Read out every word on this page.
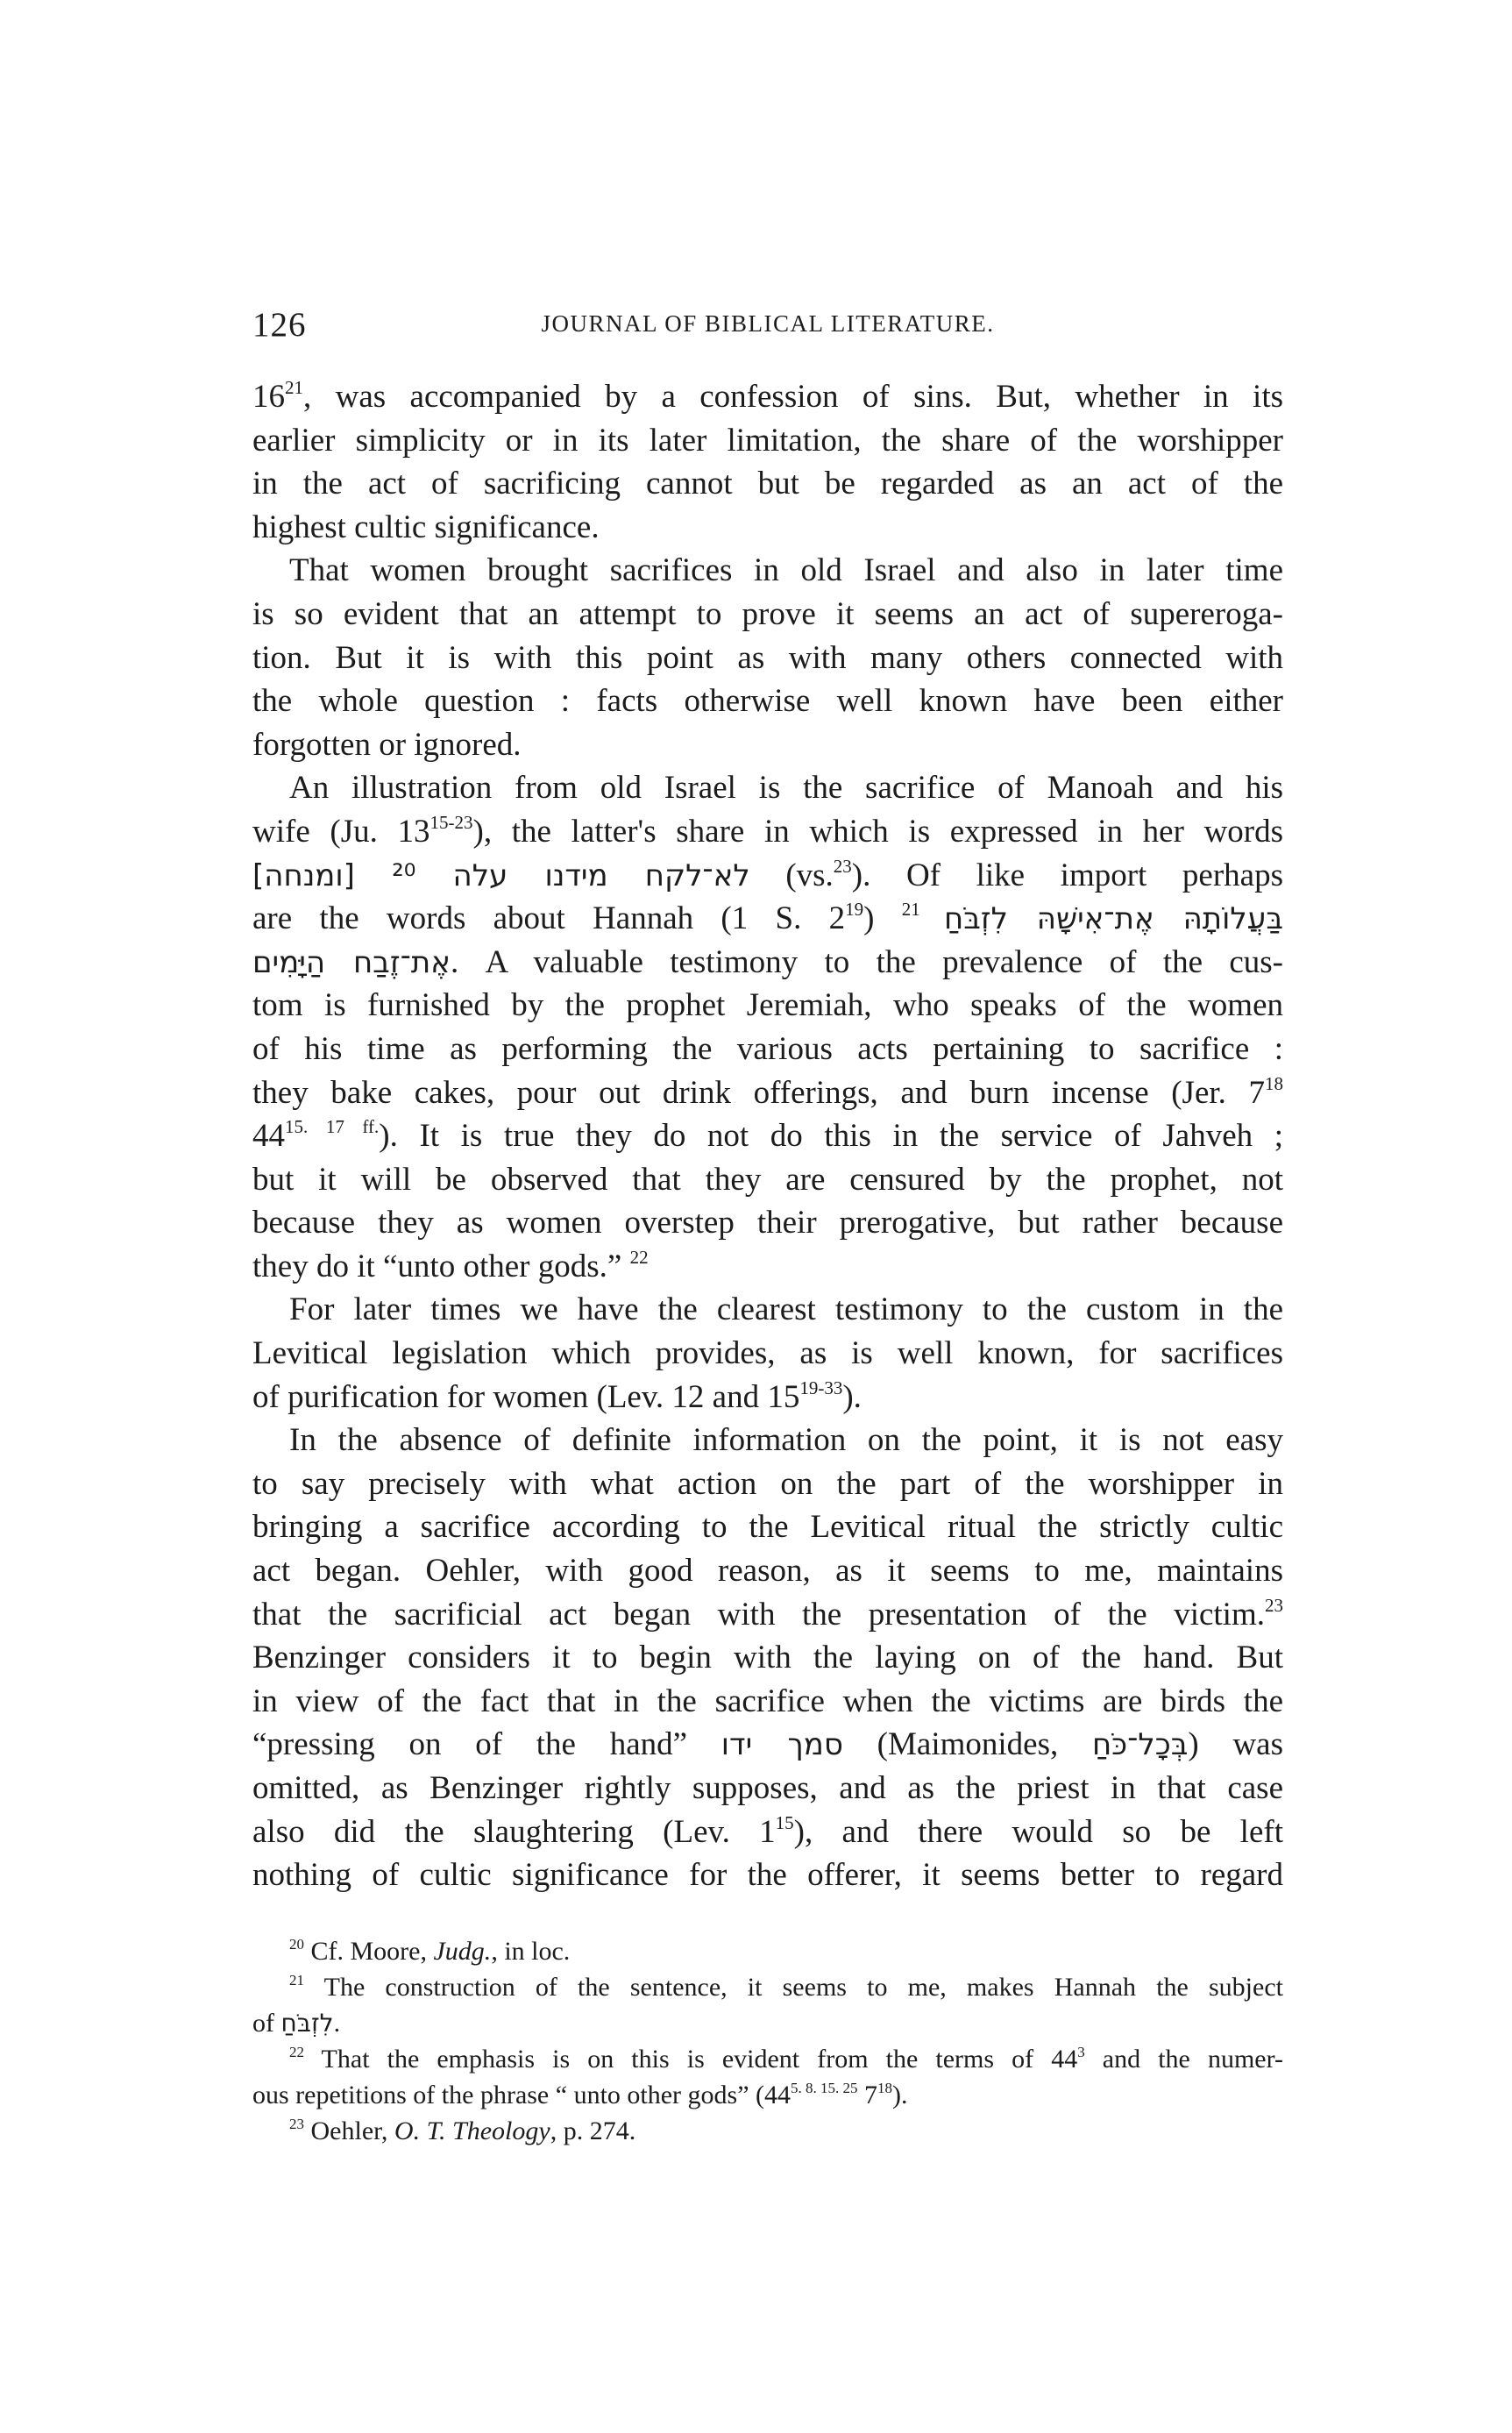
126	JOURNAL OF BIBLICAL LITERATURE.
$16^{21}$, was accompanied by a confession of sins. But, whether in its
earlier simplicity or in its later limitation, the share of the worshipper
in the act of sacrificing cannot but be regarded as an act of the
highest cultic significance.
That women brought sacrifices in old Israel and also in later time
is so evident that an attempt to prove it seems an act of supereroga-
tion. But it is with this point as with many others connected with
the whole question : facts otherwise well known have been either
forgotten or ignored.
An illustration from old Israel is the sacrifice of Manoah and his
wife (Ju. 13$^{15-23}$), the latter's share in which is expressed in her words
לא־לקח מידנו עלה ²⁰ [ומנחה] (vs.$^{23}$). Of like import perhaps
are the words about Hannah (1 S. $2^{19}$) בַּעֲלוֹתָהּ אֶת־אִישָׁהּ לִזְבֹּחַ $^{21}$
אֶת־זֶבַח הַיָּמִים. A valuable testimony to the prevalence of the cus-
tom is furnished by the prophet Jeremiah, who speaks of the women
of his time as performing the various acts pertaining to sacrifice :
they bake cakes, pour out drink offerings, and burn incense (Jer. $7^{18}$
$44^{15. 17 ff.}$). It is true they do not do this in the service of Jahveh ;
but it will be observed that they are censured by the prophet, not
because they as women overstep their prerogative, but rather because
they do it “unto other gods.” $^{22}$
For later times we have the clearest testimony to the custom in the
Levitical legislation which provides, as is well known, for sacrifices
of purification for women (Lev. 12 and 15$^{19-33}$).
In the absence of definite information on the point, it is not easy
to say precisely with what action on the part of the worshipper in
bringing a sacrifice according to the Levitical ritual the strictly cultic
act began. Oehler, with good reason, as it seems to me, maintains
that the sacrificial act began with the presentation of the victim.$^{23}$
Benzinger considers it to begin with the laying on of the hand. But
in view of the fact that in the sacrifice when the victims are birds the
“pressing on of the hand” סמך ידו (Maimonides, בְּכָל־כֹּחַ) was
omitted, as Benzinger rightly supposes, and as the priest in that case
also did the slaughtering (Lev. $1^{15}$), and there would so be left
nothing of cultic significance for the offerer, it seems better to regard
$^{20}$ Cf. Moore, Judg., in loc.
$^{21}$ The construction of the sentence, it seems to me, makes Hannah the subject
of לִזְבֹּחַ.
$^{22}$ That the emphasis is on this is evident from the terms of $44^3$ and the numer-
ous repetitions of the phrase “ unto other gods” ($44^{5. 8. 15. 25}$ $7^{18}$).
$^{23}$ Oehler, O. T. Theology, p. 274.
